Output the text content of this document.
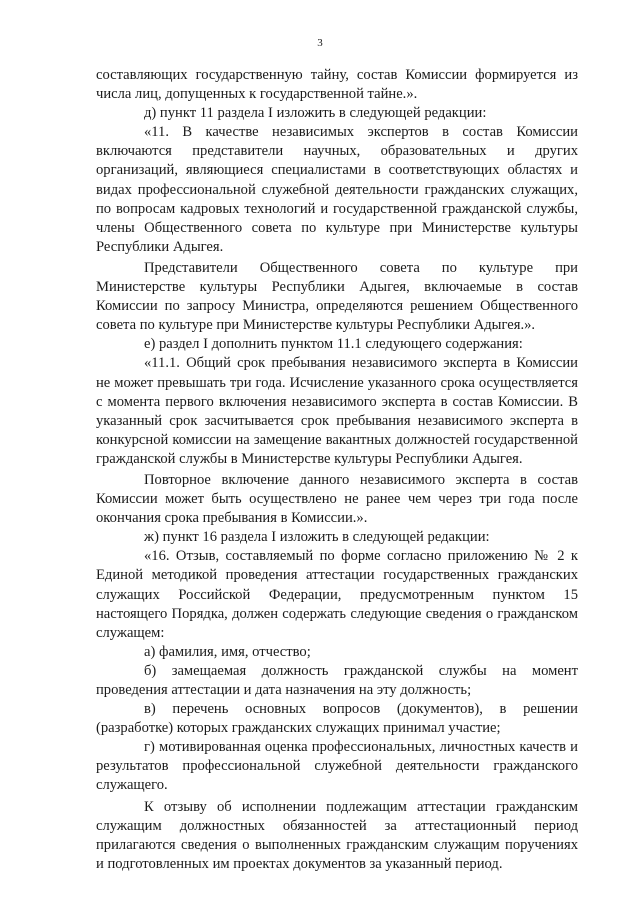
3

составляющих государственную тайну, состав Комиссии формируется из числа лиц, допущенных к государственной тайне.».

д) пункт 11 раздела I изложить в следующей редакции:

«11. В качестве независимых экспертов в состав Комиссии включаются представители научных, образовательных и других организаций, являющиеся специалистами в соответствующих областях и видах профессиональной служебной деятельности гражданских служащих, по вопросам кадровых технологий и государственной гражданской службы, члены Общественного совета по культуре при Министерстве культуры Республики Адыгея.

Представители Общественного совета по культуре при Министерстве культуры Республики Адыгея, включаемые в состав Комиссии по запросу Министра, определяются решением Общественного совета по культуре при Министерстве культуры Республики Адыгея.».

е) раздел I дополнить пунктом 11.1 следующего содержания:

«11.1. Общий срок пребывания независимого эксперта в Комиссии не может превышать три года. Исчисление указанного срока осуществляется с момента первого включения независимого эксперта в состав Комиссии. В указанный срок засчитывается срок пребывания независимого эксперта в конкурсной комиссии на замещение вакантных должностей государственной гражданской службы в Министерстве культуры Республики Адыгея.

Повторное включение данного независимого эксперта в состав Комиссии может быть осуществлено не ранее чем через три года после окончания срока пребывания в Комиссии.».

ж) пункт 16 раздела I изложить в следующей редакции:

«16. Отзыв, составляемый по форме согласно приложению № 2 к Единой методикой проведения аттестации государственных гражданских служащих Российской Федерации, предусмотренным пунктом 15 настоящего Порядка, должен содержать следующие сведения о гражданском служащем:

а) фамилия, имя, отчество;

б) замещаемая должность гражданской службы на момент проведения аттестации и дата назначения на эту должность;

в) перечень основных вопросов (документов), в решении (разработке) которых гражданских служащих принимал участие;

г) мотивированная оценка профессиональных, личностных качеств и результатов профессиональной служебной деятельности гражданского служащего.

К отзыву об исполнении подлежащим аттестации гражданским служащим должностных обязанностей за аттестационный период прилагаются сведения о выполненных гражданским служащим поручениях и подготовленных им проектах документов за указанный период.
